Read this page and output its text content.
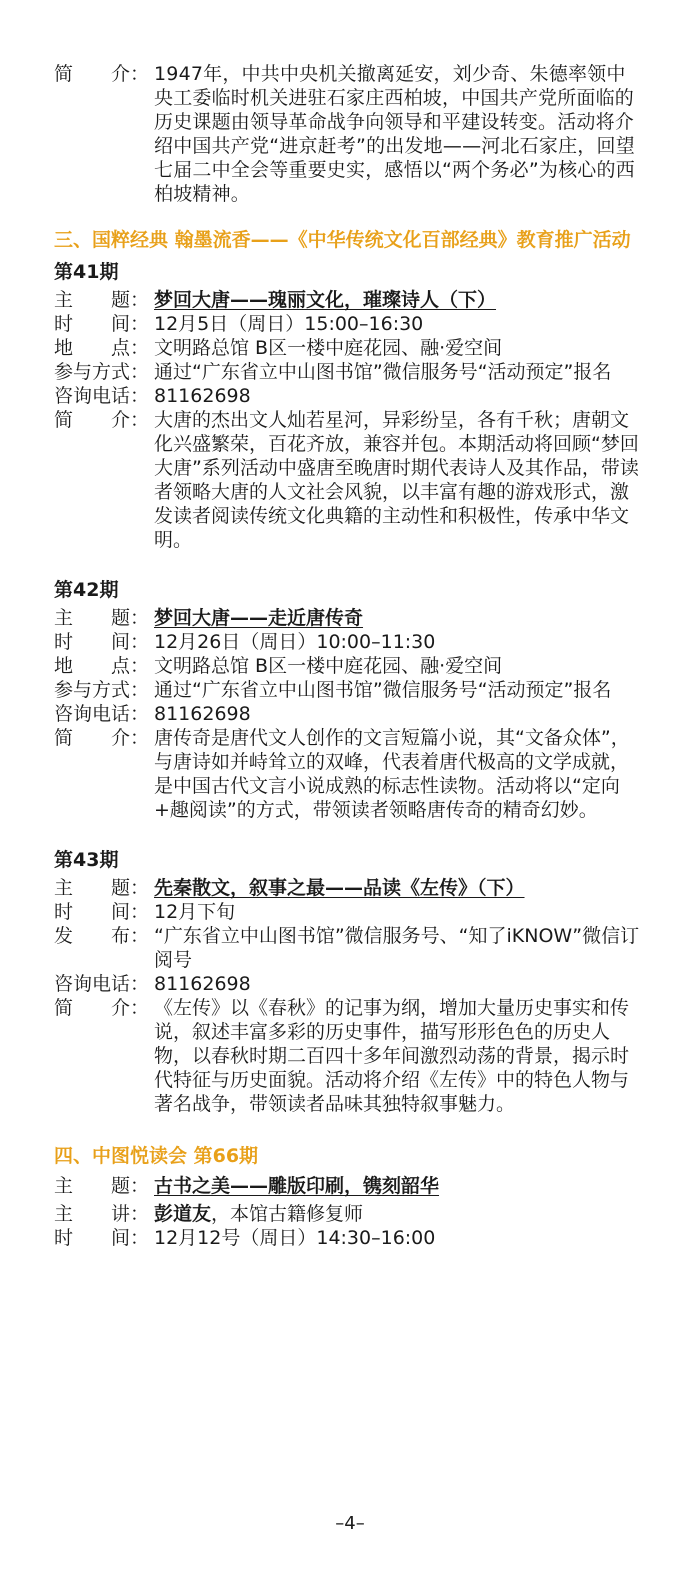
简　　介： 1947年，中共中央机关撤离延安，刘少奇、朱德率领中央工委临时机关进驻石家庄西柏坡，中国共产党所面临的历史课题由领导革命战争向领导和平建设转变。活动将介绍中国共产党“进京赶考”的出发地——河北石家庄，回望七届二中全会等重要史实，感悟以“两个务必”为核心的西柏坡精神。
三、国粹经典 翰墨流香——《中华传统文化百部经典》教育推广活动
第41期
主　　题： 梦回大唐——瑰丽文化，璀璨诗人（下）
时　　间： 12月5日（周日）15:00–16:30
地　　点： 文明路总馆 B区一楼中庭花园、融·爱空间
参与方式： 通过“广东省立中山图书馆”微信服务号“活动预定”报名
咨询电话： 81162698
简　　介： 大唐的杰出文人灿若星河，异彩纷呈，各有千秋；唐朝文化兴盛繁荣，百花齐放，兼容并包。本期活动将回顾“梦回大唐”系列活动中盛唐至晚唐时期代表诗人及其作品，带读者领略大唐的人文社会风貌，以丰富有趣的游戏形式，激发读者阅读传统文化典籍的主动性和积极性，传承中华文明。
第42期
主　　题： 梦回大唐——走近唐传奇
时　　间： 12月26日（周日）10:00–11:30
地　　点： 文明路总馆 B区一楼中庭花园、融·爱空间
参与方式： 通过“广东省立中山图书馆”微信服务号“活动预定”报名
咨询电话： 81162698
简　　介： 唐传奇是唐代文人创作的文言短篇小说，其“文备众体”，与唐诗如并峙耸立的双峰，代表着唐代极高的文学成就，是中国古代文言小说成熟的标志性读物。活动将以“定向+趣阅读”的方式，带领读者领略唐传奇的精奇幻妙。
第43期
主　　题： 先秦散文，叙事之最——品读《左传》（下）
时　　间： 12月下旬
发　　布： “广东省立中山图书馆”微信服务号、“知了iKNOW”微信订阅号
咨询电话： 81162698
简　　介： 《左传》以《春秋》的记事为纲，增加大量历史事实和传说，叙述丰富多彩的历史事件，描写形形色色的历史人物，以春秋时期二百四十多年间激烈动荡的背景，揭示时代特征与历史面貌。活动将介绍《左传》中的特色人物与著名战争，带领读者品味其独特叙事魅力。
四、中图悦读会 第66期
主　　题： 古书之美——雕版印刷，镌刻韶华
主　　讲： 彭道友，本馆古籍修复师
时　　间： 12月12号（周日）14:30–16:00
–4–
